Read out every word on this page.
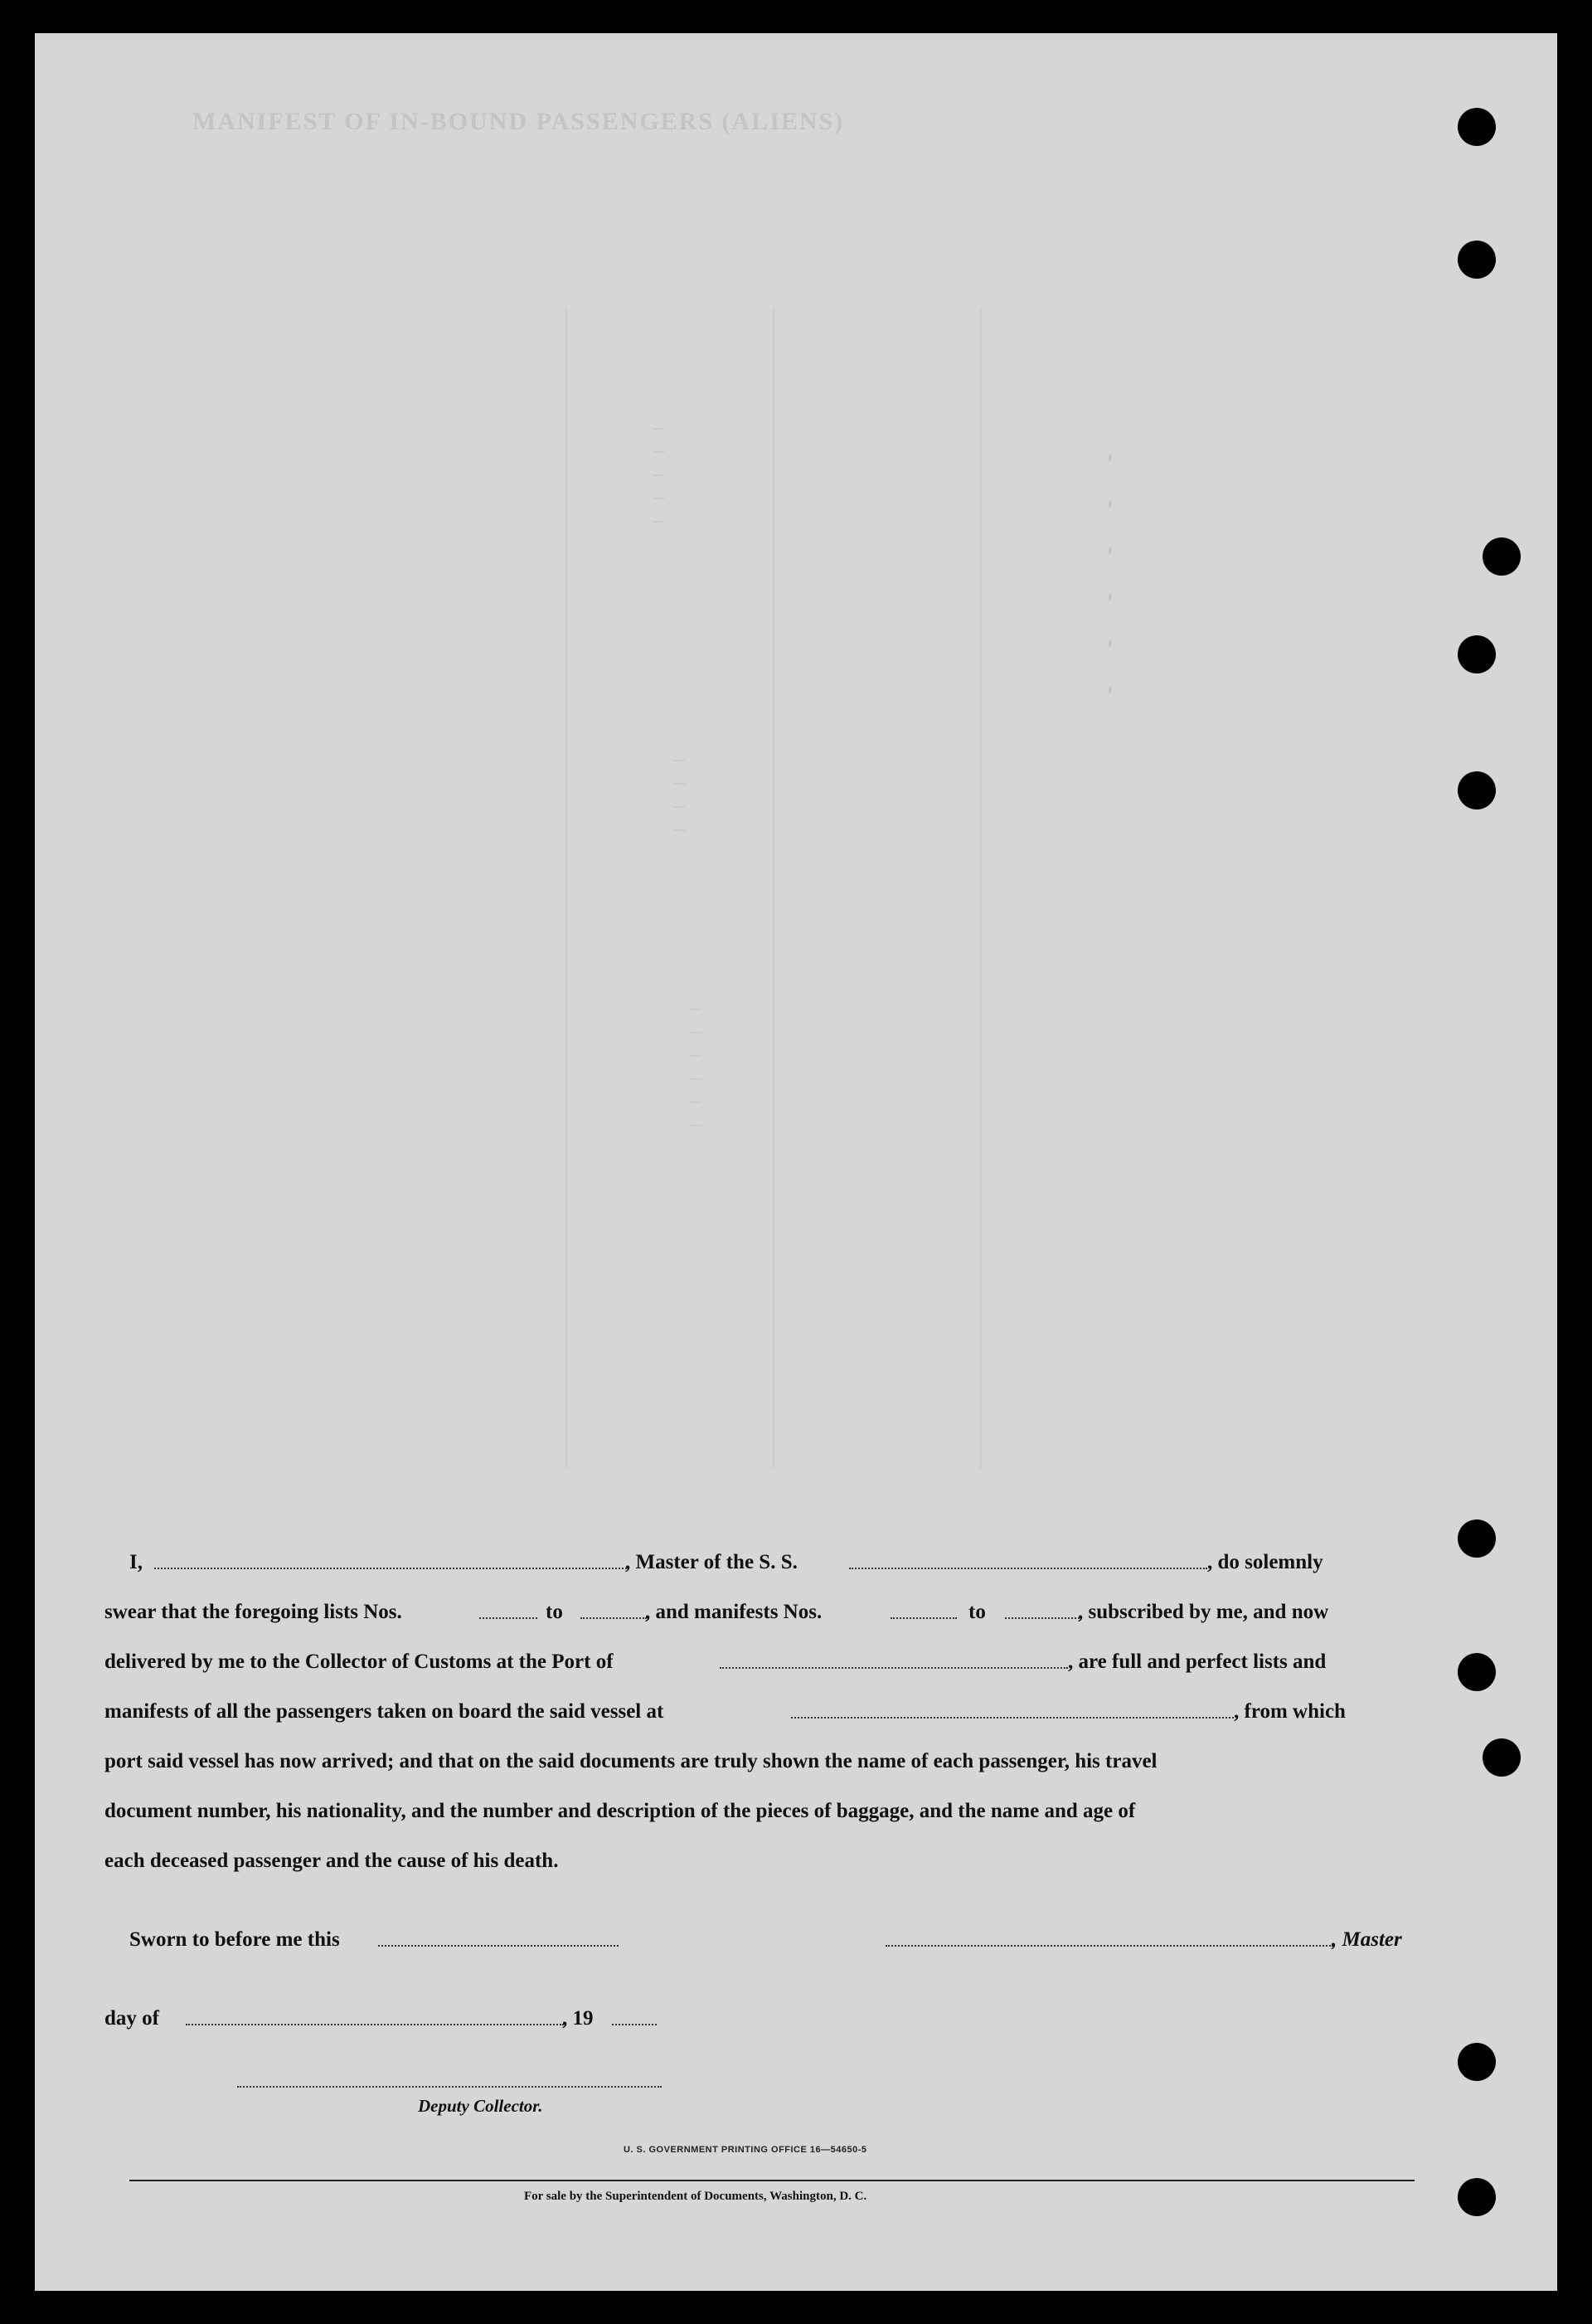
MANIFEST OF IN-BOUND PASSENGERS (ALIENS)
_
_
_
_
_
_
_
_
_
_
_
_
_
_
_
,

,

,

,

,

,
I,	, Master of the S. S.	, do solemnly
swear that the foregoing lists Nos.	to	, and manifests Nos.	to	, subscribed by me, and now
delivered by me to the Collector of Customs at the Port of	, are full and perfect lists and
manifests of all the passengers taken on board the said vessel at	, from which
port said vessel has now arrived; and that on the said documents are truly shown the name of each passenger, his travel
document number, his nationality, and the number and description of the pieces of baggage, and the name and age of
each deceased passenger and the cause of his death.
Sworn to before me this	, Master
day of	, 19
Deputy Collector.
U. S. GOVERNMENT PRINTING OFFICE 16—54650-5
For sale by the Superintendent of Documents, Washington, D. C.
